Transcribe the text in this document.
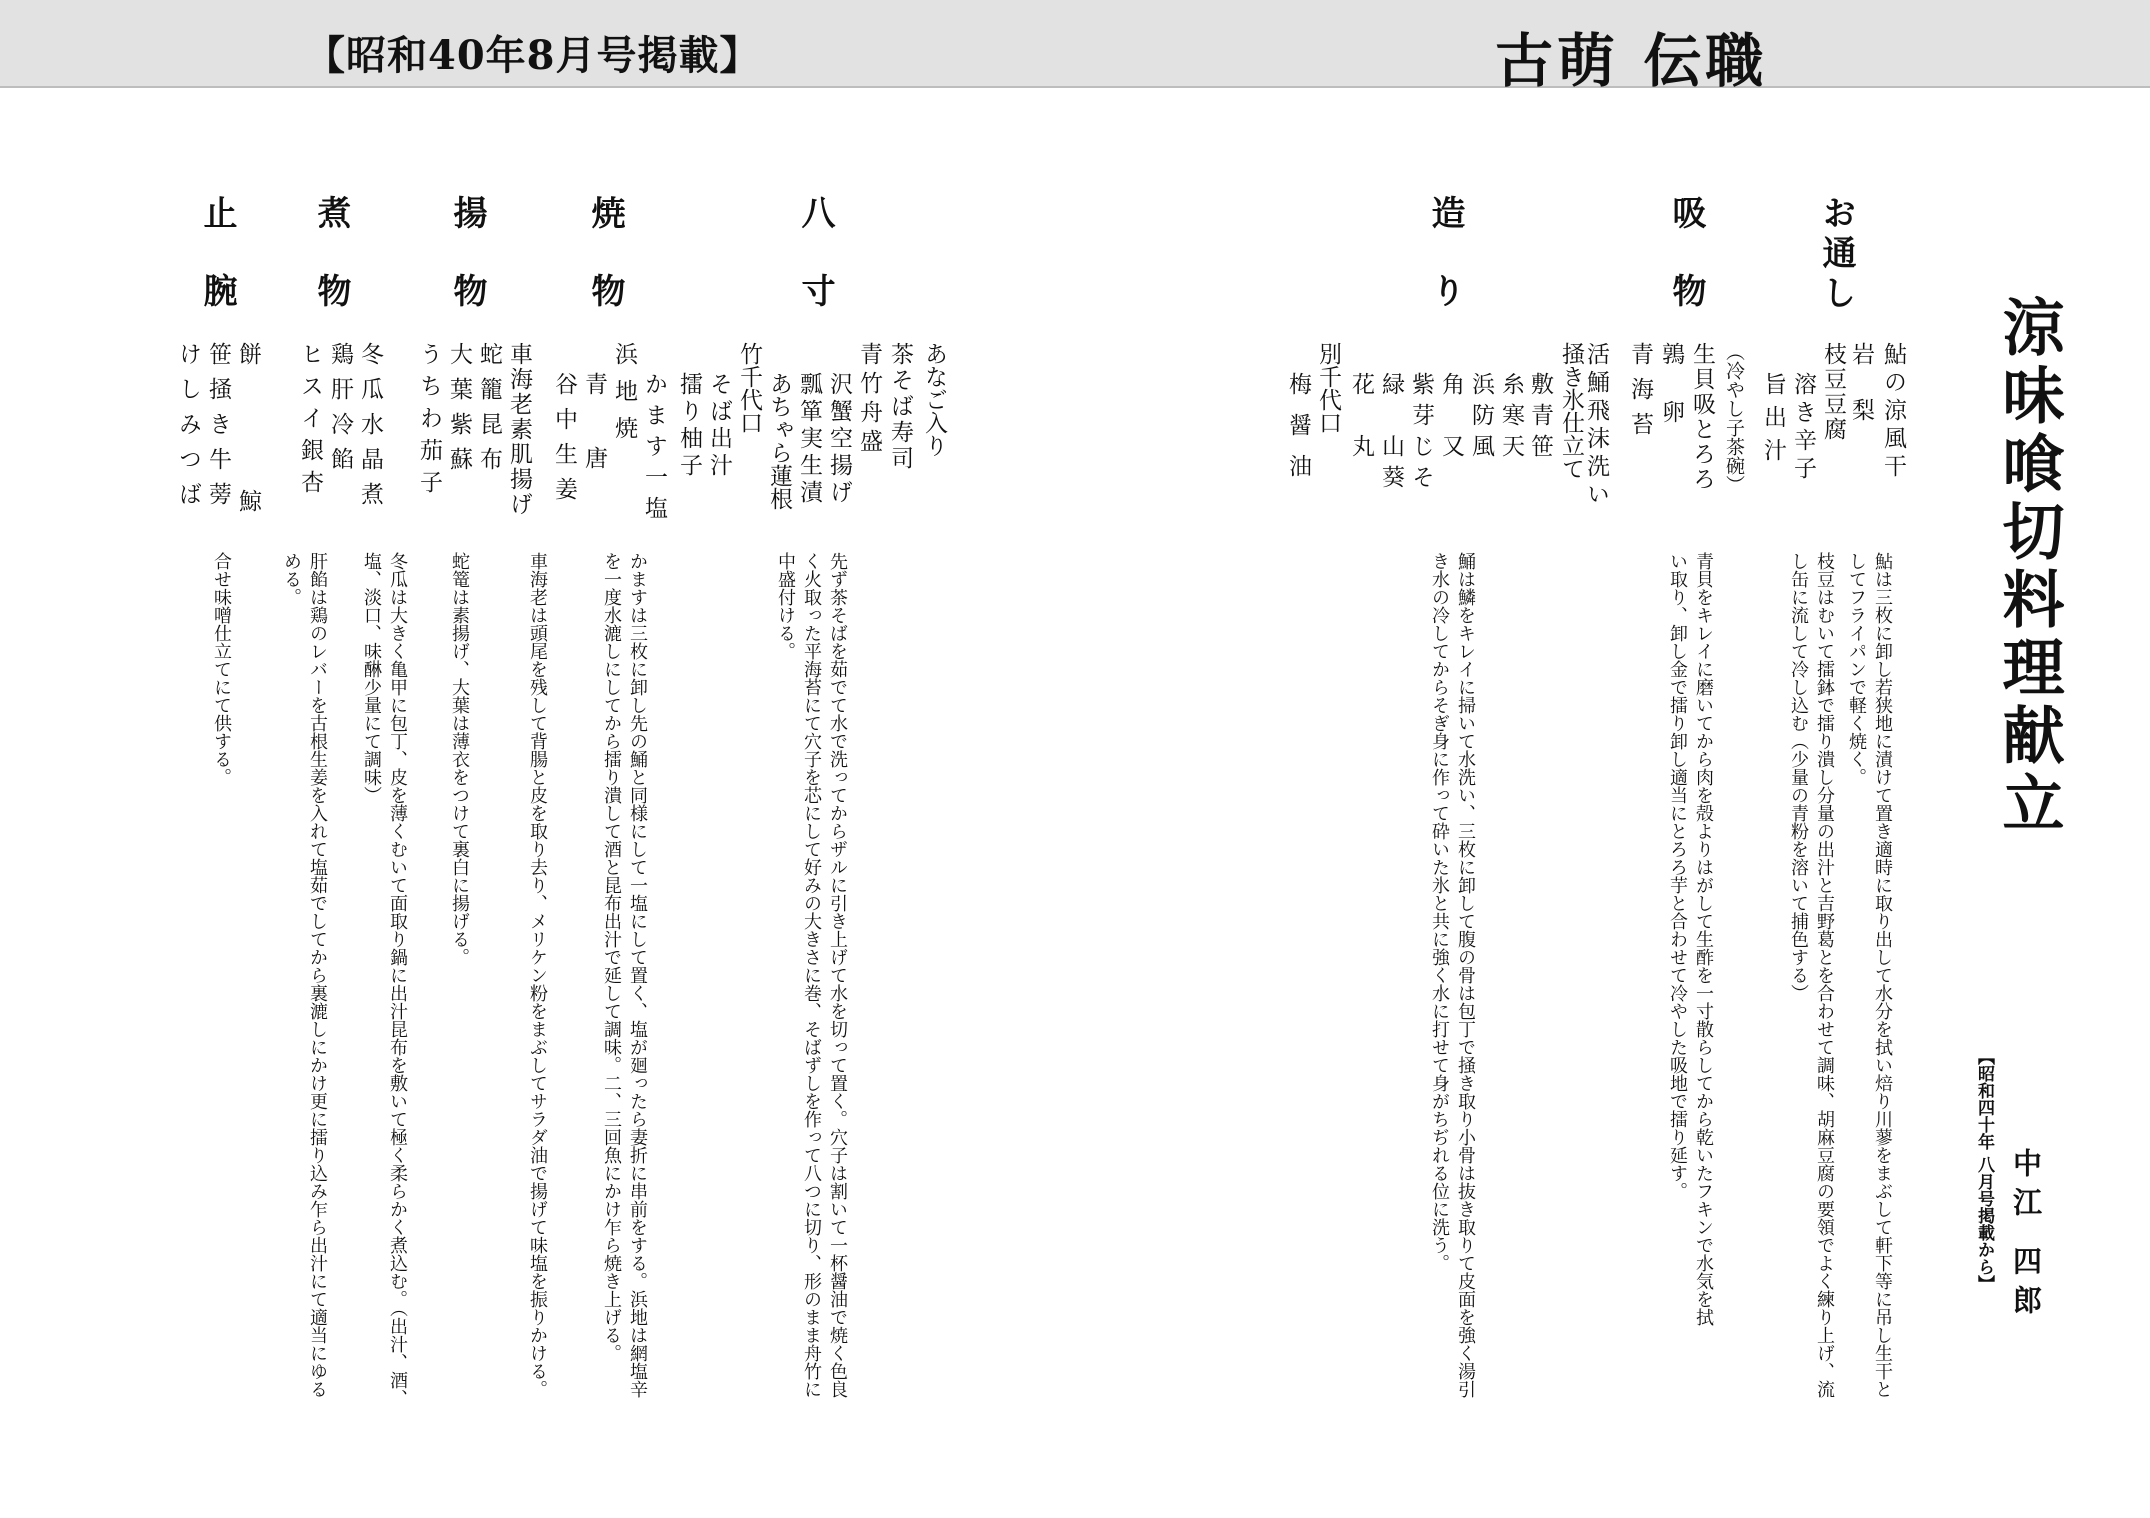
【昭和40年8月号掲載】	古萌 伝職
涼味喰切料理献立
中江 四郎
【昭和四十年 八月号掲載から】
お通し
鮎の涼風干
岩　梨
枝豆豆腐
溶き辛子
旨出汁
鮎は三枚に卸し若狭地に漬けて置き適時に取り出して水分を拭い焙り川蓼をまぶして軒下等に吊し生干としてフライパンで軽く焼く。
枝豆はむいて擂鉢で擂り潰し分量の出汁と吉野葛とを合わせて調味、胡麻豆腐の要領でよく練り上げ、流し缶に流して冷し込む（少量の青粉を溶いて捕色する）
吸物
（冷やし子茶碗）
生貝吸とろろ
鶉　卵
青海苔
青貝をキレイに磨いてから肉を殻よりはがして生酢を一寸散らしてから乾いたフキンで水気を拭い取り、卸し金で擂り卸し適当にとろろ芋と合わせて冷やした吸地で擂り延す。
造り
活鯒飛沫洗い
掻き氷仕立て
敷青笹
糸寒天
浜防風
角　又
紫芽じそ
緑　山葵
花　丸
別千代口
梅醤油
鯒は鱗をキレイに掃いて水洗い、三枚に卸して腹の骨は包丁で掻き取り小骨は抜き取りて皮面を強く湯引き水の冷してからそぎ身に作って砕いた氷と共に強く水に打せて身がちぢれる位に洗う。
八寸
あなご入り
茶そば寿司
青竹舟盛
沢蟹空揚げ
瓢箪実生漬
あちゃら蓮根
竹千代口
そば出汁
擂り柚子
先ず茶そばを茹でて水で洗ってからザルに引き上げて水を切って置く。穴子は割いて一杯醤油で焼く色良く火取った平海苔にて穴子を芯にして好みの大きさに巻、そばずしを作って八つに切り、形のまま舟竹に中盛付ける。
焼物
かます一塩
浜地焼
青　唐
谷中生姜
かますは三枚に卸し先の鯒と同様にして一塩にして置く、塩が廻ったら妻折に串前をする。浜地は網塩辛を一度水漉しにしてから擂り潰して酒と昆布出汁で延して調味。二、三回魚にかけ乍ら焼き上げる。
揚物
車海老素肌揚げ
蛇籠昆布
大葉紫蘇
うちわ茄子
車海老は頭尾を残して背腸と皮を取り去り、メリケン粉をまぶしてサラダ油で揚げて味塩を振りかける。
蛇篭は素揚げ、大葉は薄衣をつけて裏白に揚げる。
煮物
冬瓜水晶煮
鶏肝冷餡
ヒスイ銀杏
冬瓜は大きく亀甲に包丁、皮を薄くむいて面取り鍋に出汁昆布を敷いて極く柔らかく煮込む。（出汁、酒、塩、淡口、味醂少量にて調味）
肝餡は鶏のレバーを古根生姜を入れて塩茹でしてから裏漉しにかけ更に擂り込み乍ら出汁にて適当にゆるめる。
止腕
餅鯨
笹掻き牛蒡
けしみつば
合せ味噌仕立てにて供する。
